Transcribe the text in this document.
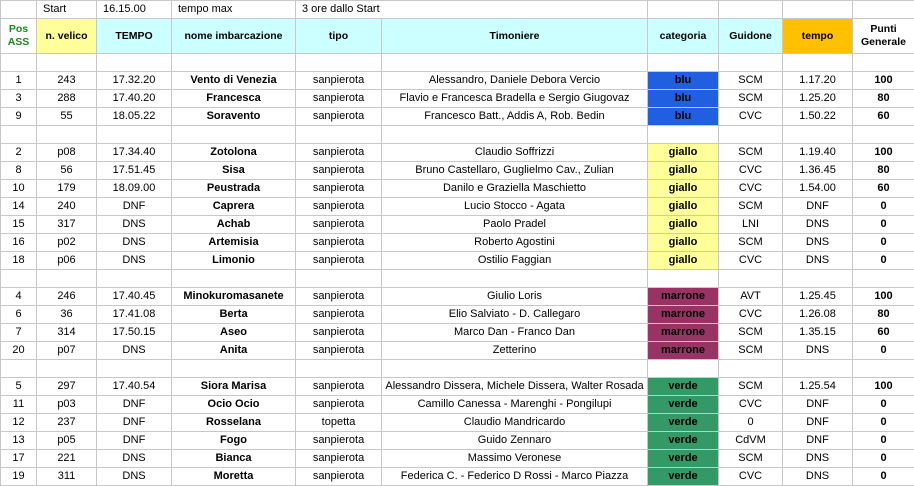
	Start	16.15.00	tempo max	3 ore dallo Start					
Pos ASS	n. velico	TEMPO	nome imbarcazione	tipo	Timoniere	categoria	Guidone	tempo	Punti Generale

1	243	17.32.20	Vento di Venezia	sanpierota	Alessandro, Daniele Debora Vercio	blu	SCM	1.17.20	100
3	288	17.40.20	Francesca	sanpierota	Flavio e Francesca Bradella e Sergio Giugovaz	blu	SCM	1.25.20	80
9	55	18.05.22	Soravento	sanpierota	Francesco Batt., Addis A, Rob. Bedin	blu	CVC	1.50.22	60

2	p08	17.34.40	Zotolona	sanpierota	Claudio Soffrizzi	giallo	SCM	1.19.40	100
8	56	17.51.45	Sisa	sanpierota	Bruno Castellaro, Guglielmo Cav., Zulian	giallo	CVC	1.36.45	80
10	179	18.09.00	Peustrada	sanpierota	Danilo e Graziella Maschietto	giallo	CVC	1.54.00	60
14	240	DNF	Caprera	sanpierota	Lucio Stocco - Agata	giallo	SCM	DNF	0
15	317	DNS	Achab	sanpierota	Paolo Pradel	giallo	LNI	DNS	0
16	p02	DNS	Artemisia	sanpierota	Roberto Agostini	giallo	SCM	DNS	0
18	p06	DNS	Limonio	sanpierota	Ostilio Faggian	giallo	CVC	DNS	0

4	246	17.40.45	Minokuromasanete	sanpierota	Giulio Loris	marrone	AVT	1.25.45	100
6	36	17.41.08	Berta	sanpierota	Elio Salviato - D. Callegaro	marrone	CVC	1.26.08	80
7	314	17.50.15	Aseo	sanpierota	Marco Dan - Franco Dan	marrone	SCM	1.35.15	60
20	p07	DNS	Anita	sanpierota	Zetterino	marrone	SCM	DNS	0

5	297	17.40.54	Siora Marisa	sanpierota	Alessandro Dissera, Michele Dissera, Walter Rosada	verde	SCM	1.25.54	100
11	p03	DNF	Ocio Ocio	sanpierota	Camillo Canessa - Marenghi - Pongilupi	verde	CVC	DNF	0
12	237	DNF	Rosselana	topetta	Claudio Mandricardo	verde	0	DNF	0
13	p05	DNF	Fogo	sanpierota	Guido Zennaro	verde	CdVM	DNF	0
17	221	DNS	Bianca	sanpierota	Massimo Veronese	verde	SCM	DNS	0
19	311	DNS	Moretta	sanpierota	Federica C. - Federico D Rossi - Marco Piazza	verde	CVC	DNS	0
